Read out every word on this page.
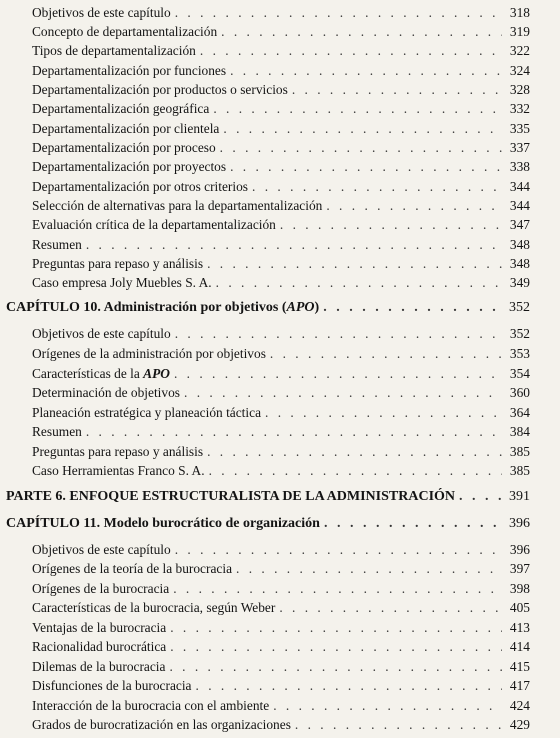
Objetivos de este capítulo . . .	318
Concepto de departamentalización . . .	319
Tipos de departamentalización . . .	322
Departamentalización por funciones . . .	324
Departamentalización por productos o servicios . . .	328
Departamentalización geográfica . . .	332
Departamentalización por clientela . . .	335
Departamentalización por proceso . . .	337
Departamentalización por proyectos . . .	338
Departamentalización por otros criterios . . .	344
Selección de alternativas para la departamentalización . . .	344
Evaluación crítica de la departamentalización . . .	347
Resumen . . .	348
Preguntas para repaso y análisis . . .	348
Caso empresa Joly Muebles S. A. . . .	349
CAPÍTULO 10. Administración por objetivos (APO) . . .	352
Objetivos de este capítulo . . .	352
Orígenes de la administración por objetivos . . .	353
Características de la APO . . .	354
Determinación de objetivos . . .	360
Planeación estratégica y planeación táctica . . .	364
Resumen . . .	384
Preguntas para repaso y análisis . . .	385
Caso Herramientas Franco S. A. . . .	385
PARTE 6. ENFOQUE ESTRUCTURALISTA DE LA ADMINISTRACIÓN . . .	391
CAPÍTULO 11. Modelo burocrático de organización . . .	396
Objetivos de este capítulo . . .	396
Orígenes de la teoría de la burocracia . . .	397
Orígenes de la burocracia . . .	398
Características de la burocracia, según Weber . . .	405
Ventajas de la burocracia . . .	413
Racionalidad burocrática . . .	414
Dilemas de la burocracia . . .	415
Disfunciones de la burocracia . . .	417
Interacción de la burocracia con el ambiente . . .	424
Grados de burocratización en las organizaciones . . .	429
